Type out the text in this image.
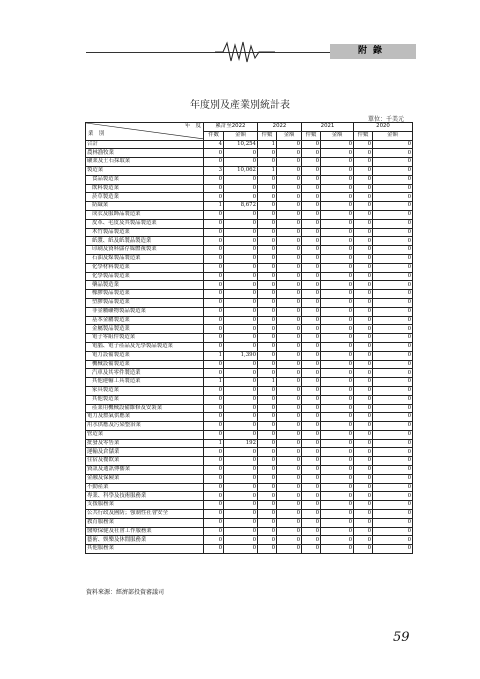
附錄
年度別及產業別統計表
單位：千美元
年　度
業　別	累計至2022		2022		2021		2020	
	件數	金額	件數	金額	件數	金額	件數	金額
合計	4	10,254	1	0	0	0	0	0
農林漁牧業	0	0	0	0	0	0	0	0
礦業及土石採取業	0	0	0	0	0	0	0	0
製造業	3	10,062	1	0	0	0	0	0
食品製造業	0	0	0	0	0	0	0	0
飲料製造業	0	0	0	0	0	0	0	0
菸草製造業	0	0	0	0	0	0	0	0
紡織業	1	8,672	0	0	0	0	0	0
成衣及服飾品製造業	0	0	0	0	0	0	0	0
皮革、毛皮及其製品製造業	0	0	0	0	0	0	0	0
木竹製品製造業	0	0	0	0	0	0	0	0
紙漿、紙及紙製品製造業	0	0	0	0	0	0	0	0
印刷及資料儲存媒體複製業	0	0	0	0	0	0	0	0
石油及煤製品製造業	0	0	0	0	0	0	0	0
化學材料製造業	0	0	0	0	0	0	0	0
化學製品製造業	0	0	0	0	0	0	0	0
藥品製造業	0	0	0	0	0	0	0	0
橡膠製品製造業	0	0	0	0	0	0	0	0
塑膠製品製造業	0	0	0	0	0	0	0	0
非金屬礦物製品製造業	0	0	0	0	0	0	0	0
基本金屬製造業	0	0	0	0	0	0	0	0
金屬製品製造業	0	0	0	0	0	0	0	0
電子零組件製造業	0	0	0	0	0	0	0	0
電腦、電子產品及光學製品製造業	0	0	0	0	0	0	0	0
電力設備製造業	1	1,390	0	0	0	0	0	0
機械設備製造業	0	0	0	0	0	0	0	0
汽車及其零件製造業	0	0	0	0	0	0	0	0
其他運輸工具製造業	1	0	1	0	0	0	0	0
家具製造業	0	0	0	0	0	0	0	0
其他製造業	0	0	0	0	0	0	0	0
產業用機械設備維修及安裝業	0	0	0	0	0	0	0	0
電力及燃氣供應業	0	0	0	0	0	0	0	0
用水供應及污染整治業	0	0	0	0	0	0	0	0
營造業	0	0	0	0	0	0	0	0
批發及零售業	1	192	0	0	0	0	0	0
運輸及倉儲業	0	0	0	0	0	0	0	0
住宿及餐飲業	0	0	0	0	0	0	0	0
資訊及通訊傳播業	0	0	0	0	0	0	0	0
金融及保險業	0	0	0	0	0	0	0	0
不動產業	0	0	0	0	0	0	0	0
專業、科學及技術服務業	0	0	0	0	0	0	0	0
支援服務業	0	0	0	0	0	0	0	0
公共行政及國防；強制性社會安全	0	0	0	0	0	0	0	0
教育服務業	0	0	0	0	0	0	0	0
醫療保健及社會工作服務業	0	0	0	0	0	0	0	0
藝術、娛樂及休閒服務業	0	0	0	0	0	0	0	0
其他服務業	0	0	0	0	0	0	0	0
資料來源：經濟部投資審議司
59
